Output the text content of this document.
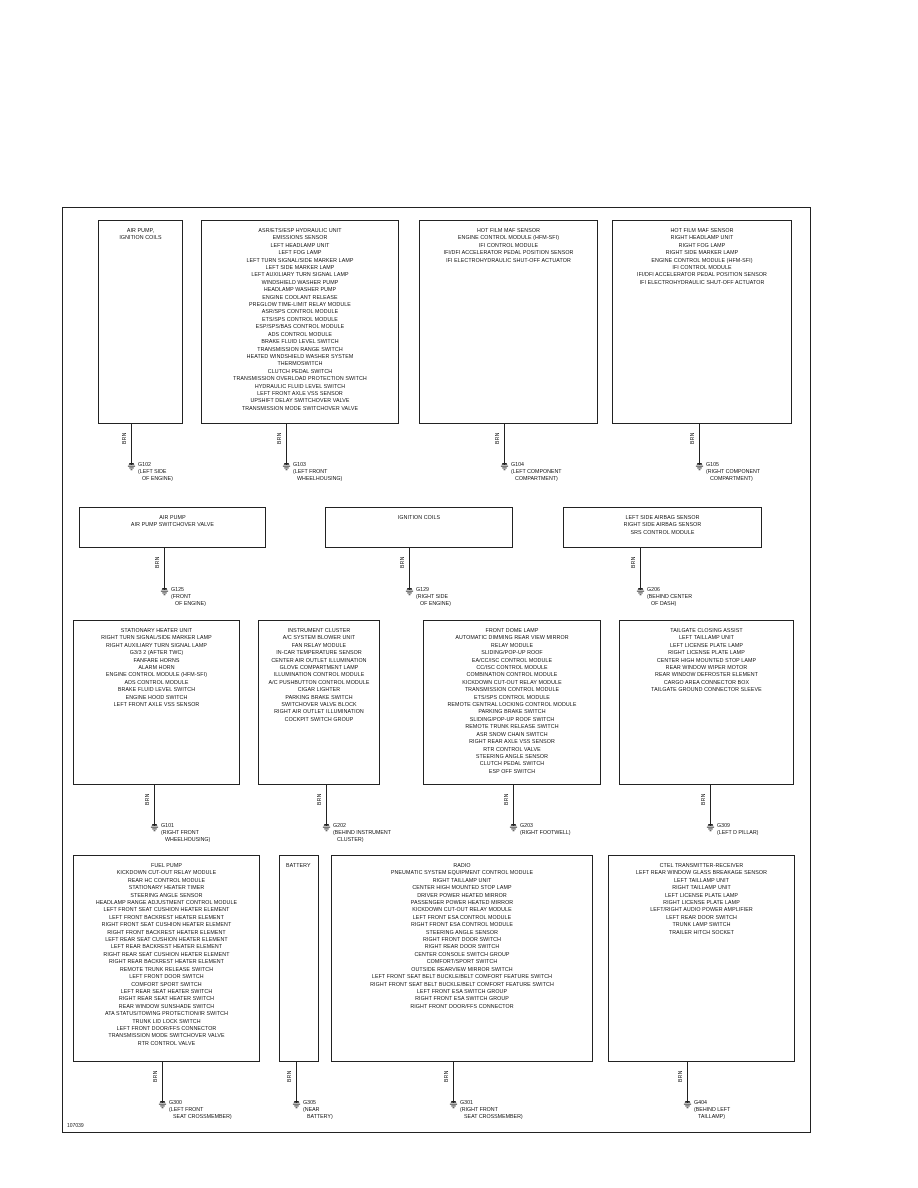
AIR PUMP,
IGNITION COILS
BRN
G102
(LEFT SIDE
OF ENGINE)
ASR/ETS/ESP HYDRAULIC UNIT
EMISSIONS SENSOR
LEFT HEADLAMP UNIT
LEFT FOG LAMP
LEFT TURN SIGNAL/SIDE MARKER LAMP
LEFT SIDE MARKER LAMP
LEFT AUXILIARY TURN SIGNAL LAMP
WINDSHIELD WASHER PUMP
HEADLAMP WASHER PUMP
ENGINE COOLANT RELEASE
PREGLOW TIME-LIMIT RELAY MODULE
ASR/SPS CONTROL MODULE
ETS/SPS CONTROL MODULE
ESP/SPS/BAS CONTROL MODULE
ADS CONTROL MODULE
BRAKE FLUID LEVEL SWITCH
TRANSMISSION RANGE SWITCH
HEATED WINDSHIELD WASHER SYSTEM
THERMOSWITCH
CLUTCH PEDAL SWITCH
TRANSMISSION OVERLOAD PROTECTION SWITCH
HYDRAULIC FLUID LEVEL SWITCH
LEFT FRONT AXLE VSS SENSOR
UPSHIFT DELAY SWITCHOVER VALVE
TRANSMISSION MODE SWITCHOVER VALVE
BRN
G103
(LEFT FRONT
WHEELHOUSING)
HOT FILM MAF SENSOR
ENGINE CONTROL MODULE (HFM-SFI)
IFI CONTROL MODULE
IFI/DFI ACCELERATOR PEDAL POSITION SENSOR
IFI ELECTROHYDRAULIC SHUT-OFF ACTUATOR
BRN
G104
(LEFT COMPONENT
COMPARTMENT)
HOT FILM MAF SENSOR
RIGHT HEADLAMP UNIT
RIGHT FOG LAMP
RIGHT SIDE MARKER LAMP
ENGINE CONTROL MODULE (HFM-SFI)
IFI CONTROL MODULE
IFI/DFI ACCELERATOR PEDAL POSITION SENSOR
IFI ELECTROHYDRAULIC SHUT-OFF ACTUATOR
BRN
G105
(RIGHT COMPONENT
COMPARTMENT)
AIR PUMP
AIR PUMP SWITCHOVER VALVE
BRN
G125
(FRONT
OF ENGINE)
IGNITION COILS
BRN
G129
(RIGHT SIDE
OF ENGINE)
LEFT SIDE AIRBAG SENSOR
RIGHT SIDE AIRBAG SENSOR
SRS CONTROL MODULE
BRN
G206
(BEHIND CENTER
OF DASH)
STATIONARY HEATER UNIT
RIGHT TURN SIGNAL/SIDE MARKER LAMP
RIGHT AUXILIARY TURN SIGNAL LAMP
G3/3 2 (AFTER TWC)
FANFARE HORNS
ALARM HORN
ENGINE CONTROL MODULE (HFM-SFI)
ADS CONTROL MODULE
BRAKE FLUID LEVEL SWITCH
ENGINE HOOD SWITCH
LEFT FRONT AXLE VSS SENSOR
BRN
G101
(RIGHT FRONT
WHEELHOUSING)
INSTRUMENT CLUSTER
A/C SYSTEM BLOWER UNIT
FAN RELAY MODULE
IN-CAR TEMPERATURE SENSOR
CENTER AIR OUTLET ILLUMINATION
GLOVE COMPARTMENT LAMP
ILLUMINATION CONTROL MODULE
A/C PUSHBUTTON CONTROL MODULE
CIGAR LIGHTER
PARKING BRAKE SWITCH
SWITCHOVER VALVE BLOCK
RIGHT AIR OUTLET ILLUMINATION
COCKPIT SWITCH GROUP
BRN
G202
(BEHIND INSTRUMENT
CLUSTER)
FRONT DOME LAMP
AUTOMATIC DIMMING REAR VIEW MIRROR
RELAY MODULE
SLIDING/POP-UP ROOF
EA/CC/ISC CONTROL MODULE
CC/ISC CONTROL MODULE
COMBINATION CONTROL MODULE
KICKDOWN CUT-OUT RELAY MODULE
TRANSMISSION CONTROL MODULE
ETS/SPS CONTROL MODULE
REMOTE CENTRAL LOCKING CONTROL MODULE
PARKING BRAKE SWITCH
SLIDING/POP-UP ROOF SWITCH
REMOTE TRUNK RELEASE SWITCH
ASR SNOW CHAIN SWITCH
RIGHT REAR AXLE VSS SENSOR
RTR CONTROL VALVE
STEERING ANGLE SENSOR
CLUTCH PEDAL SWITCH
ESP OFF SWITCH
BRN
G203
(RIGHT FOOTWELL)
TAILGATE CLOSING ASSIST
LEFT TAILLAMP UNIT
LEFT LICENSE PLATE LAMP
RIGHT LICENSE PLATE LAMP
CENTER HIGH MOUNTED STOP LAMP
REAR WINDOW WIPER MOTOR
REAR WINDOW DEFROSTER ELEMENT
CARGO AREA CONNECTOR BOX
TAILGATE GROUND CONNECTOR SLEEVE
BRN
G309
(LEFT D PILLAR)
FUEL PUMP
KICKDOWN CUT-OUT RELAY MODULE
REAR HC CONTROL MODULE
STATIONARY HEATER TIMER
STEERING ANGLE SENSOR
HEADLAMP RANGE ADJUSTMENT CONTROL MODULE
LEFT FRONT SEAT CUSHION HEATER ELEMENT
LEFT FRONT BACKREST HEATER ELEMENT
RIGHT FRONT SEAT CUSHION HEATER ELEMENT
RIGHT FRONT BACKREST HEATER ELEMENT
LEFT REAR SEAT CUSHION HEATER ELEMENT
LEFT REAR BACKREST HEATER ELEMENT
RIGHT REAR SEAT CUSHION HEATER ELEMENT
RIGHT REAR BACKREST HEATER ELEMENT
REMOTE TRUNK RELEASE SWITCH
LEFT FRONT DOOR SWITCH
COMFORT SPORT SWITCH
LEFT REAR SEAT HEATER SWITCH
RIGHT REAR SEAT HEATER SWITCH
REAR WINDOW SUNSHADE SWITCH
ATA STATUS/TOWING PROTECTION/IR SWITCH
TRUNK LID LOCK SWITCH
LEFT FRONT DOOR/FFS CONNECTOR
TRANSMISSION MODE SWITCHOVER VALVE
RTR CONTROL VALVE
BRN
G300
(LEFT FRONT
SEAT CROSSMEMBER)
BATTERY
BRN
G305
(NEAR
BATTERY)
RADIO
PNEUMATIC SYSTEM EQUIPMENT CONTROL MODULE
RIGHT TAILLAMP UNIT
CENTER HIGH MOUNTED STOP LAMP
DRIVER POWER HEATED MIRROR
PASSENGER POWER HEATED MIRROR
KICKDOWN CUT-OUT RELAY MODULE
LEFT FRONT ESA CONTROL MODULE
RIGHT FRONT ESA CONTROL MODULE
STEERING ANGLE SENSOR
RIGHT FRONT DOOR SWITCH
RIGHT REAR DOOR SWITCH
CENTER CONSOLE SWITCH GROUP
COMFORT/SPORT SWITCH
OUTSIDE REARVIEW MIRROR SWITCH
LEFT FRONT SEAT BELT BUCKLE/BELT COMFORT FEATURE SWITCH
RIGHT FRONT SEAT BELT BUCKLE/BELT COMFORT FEATURE SWITCH
LEFT FRONT ESA SWITCH GROUP
RIGHT FRONT ESA SWITCH GROUP
RIGHT FRONT DOOR/FFS CONNECTOR
BRN
G301
(RIGHT FRONT
SEAT CROSSMEMBER)
CTEL TRANSMITTER-RECEIVER
LEFT REAR WINDOW GLASS BREAKAGE SENSOR
LEFT TAILLAMP UNIT
RIGHT TAILLAMP UNIT
LEFT LICENSE PLATE LAMP
RIGHT LICENSE PLATE LAMP
LEFT/RIGHT AUDIO POWER AMPLIFIER
LEFT REAR DOOR SWITCH
TRUNK LAMP SWITCH
TRAILER HITCH SOCKET
BRN
G404
(BEHIND LEFT
TAILLAMP)
107039
